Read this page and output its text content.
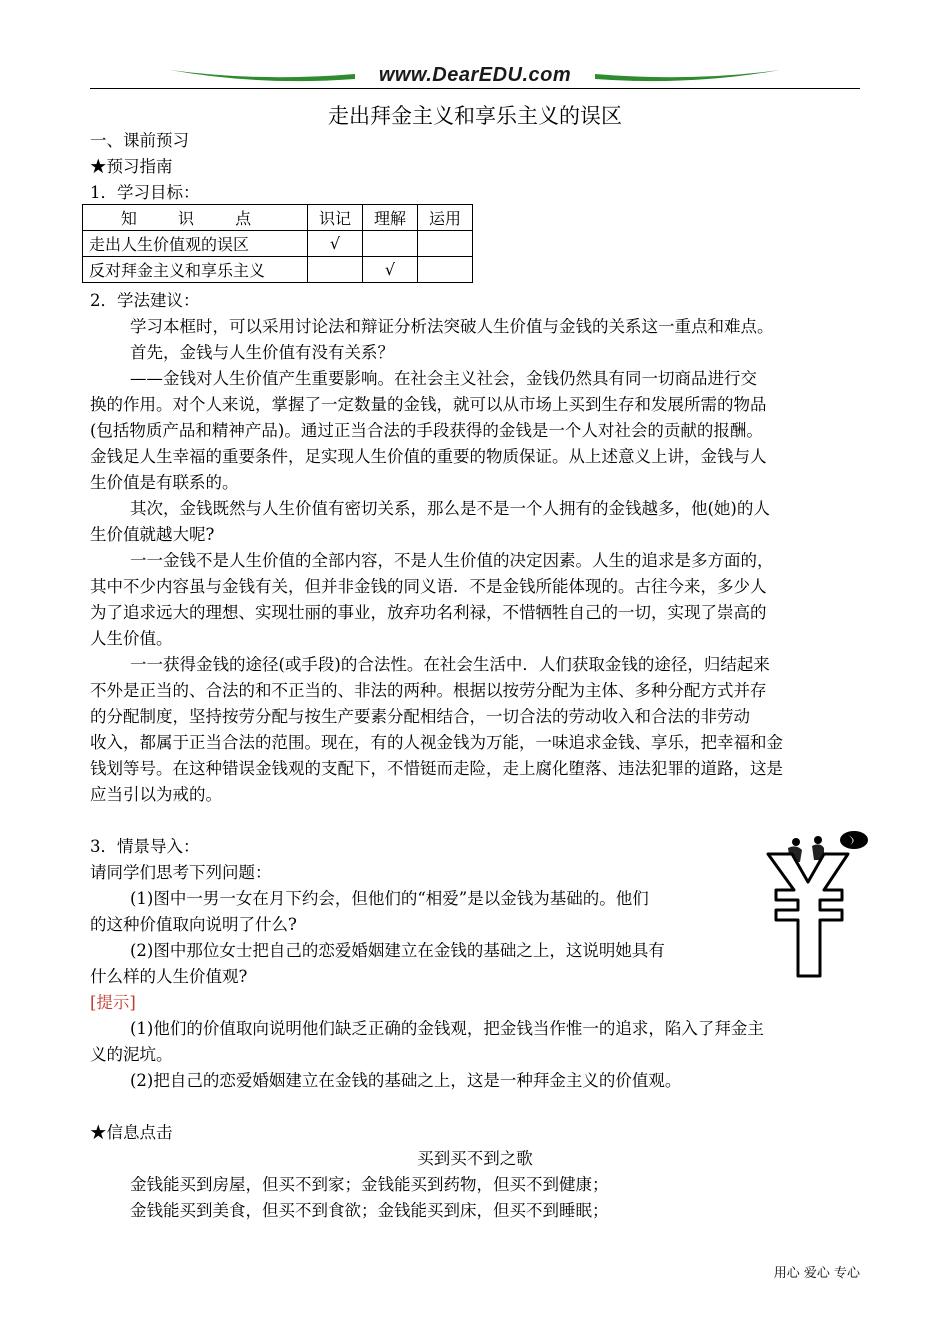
www.DearEDU.com
走出拜金主义和享乐主义的误区
一、课前预习
★预习指南
1．学习目标：
知 识 点	识记	理解	运用
走出人生价值观的误区	√		
反对拜金主义和享乐主义		√	
2．学法建议：
学习本框时，可以采用讨论法和辩证分析法突破人生价值与金钱的关系这一重点和难点。
首先，金钱与人生价值有没有关系？
——金钱对人生价值产生重要影响。在社会主义社会，金钱仍然具有同一切商品进行交
换的作用。对个人来说，掌握了一定数量的金钱，就可以从市场上买到生存和发展所需的物品
(包括物质产品和精神产品)。通过正当合法的手段获得的金钱是一个人对社会的贡献的报酬。
金钱足人生幸福的重要条件，足实现人生价值的重要的物质保证。从上述意义上讲，金钱与人
生价值是有联系的。
其次，金钱既然与人生价值有密切关系，那么是不是一个人拥有的金钱越多，他(她)的人
生价值就越大呢?
一一金钱不是人生价值的全部内容，不是人生价值的决定因素。人生的追求是多方面的，
其中不少内容虽与金钱有关，但并非金钱的同义语．不是金钱所能体现的。古往今来，多少人
为了追求远大的理想、实现壮丽的事业，放弃功名利禄，不惜牺牲自己的一切，实现了崇高的
人生价值。
一一获得金钱的途径(或手段)的合法性。在社会生活中．人们获取金钱的途径，归结起来
不外是正当的、合法的和不正当的、非法的两种。根据以按劳分配为主体、多种分配方式并存
的分配制度，坚持按劳分配与按生产要素分配相结合，一切合法的劳动收入和合法的非劳动
收入，都属于正当合法的范围。现在，有的人视金钱为万能，一味追求金钱、享乐，把幸福和金
钱划等号。在这种错误金钱观的支配下，不惜铤而走险，走上腐化堕落、违法犯罪的道路，这是
应当引以为戒的。
3．情景导入：
请同学们思考下列问题：
(1)图中一男一女在月下约会，但他们的“相爱”是以金钱为基础的。他们
的这种价值取向说明了什么?
(2)图中那位女士把自己的恋爱婚姻建立在金钱的基础之上，这说明她具有
什么样的人生价值观?
[提示]
(1)他们的价值取向说明他们缺乏正确的金钱观，把金钱当作惟一的追求，陷入了拜金主
义的泥坑。
(2)把自己的恋爱婚姻建立在金钱的基础之上，这是一种拜金主义的价值观。
★信息点击
买到买不到之歌
金钱能买到房屋，但买不到家；金钱能买到药物，但买不到健康；
金钱能买到美食，但买不到食欲；金钱能买到床，但买不到睡眠；
用心 爱心 专心
